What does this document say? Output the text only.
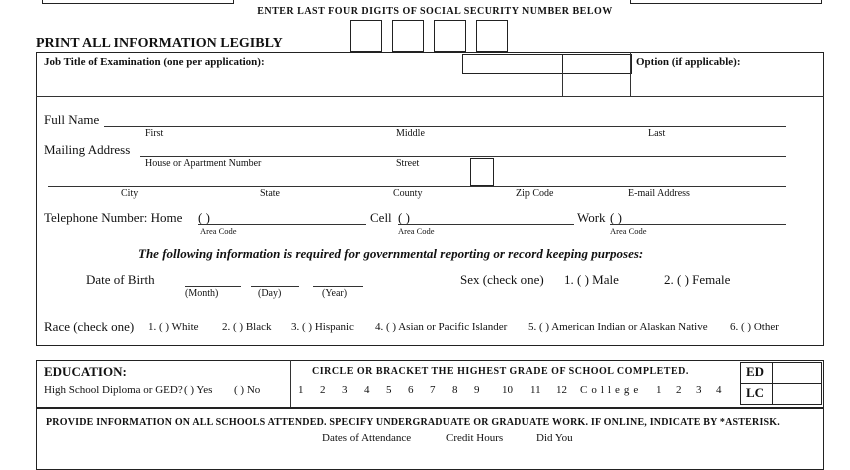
ENTER LAST FOUR DIGITS OF SOCIAL SECURITY NUMBER BELOW
PRINT ALL INFORMATION LEGIBLY
Job Title of Examination (one per application):	Option (if applicable):
Full Name
First	Middle	Last
Mailing Address
House or Apartment Number	Street
City	State	County	Zip Code	E-mail Address
Telephone Number: Home ( )
Area Code
Cell ( )
Area Code
Work ( )
Area Code
The following information is required for governmental reporting or record keeping purposes:
Date of Birth
(Month)	(Day)	(Year)
Sex (check one) 1. ( ) Male	2. ( ) Female
Race (check one) 1. ( ) White 2. ( ) Black 3. ( ) Hispanic 4. ( ) Asian or Pacific Islander 5. ( ) American Indian or Alaskan Native 6. ( ) Other
EDUCATION:
High School Diploma or GED? ( ) Yes ( ) No
CIRCLE OR BRACKET THE HIGHEST GRADE OF SCHOOL COMPLETED.
1 2 3 4 5 6 7 8 9 10 11 12 College 1 2 3 4
ED
LC
PROVIDE INFORMATION ON ALL SCHOOLS ATTENDED. SPECIFY UNDERGRADUATE OR GRADUATE WORK. IF ONLINE, INDICATE BY *ASTERISK.
Dates of Attendance	Credit Hours	Did You
